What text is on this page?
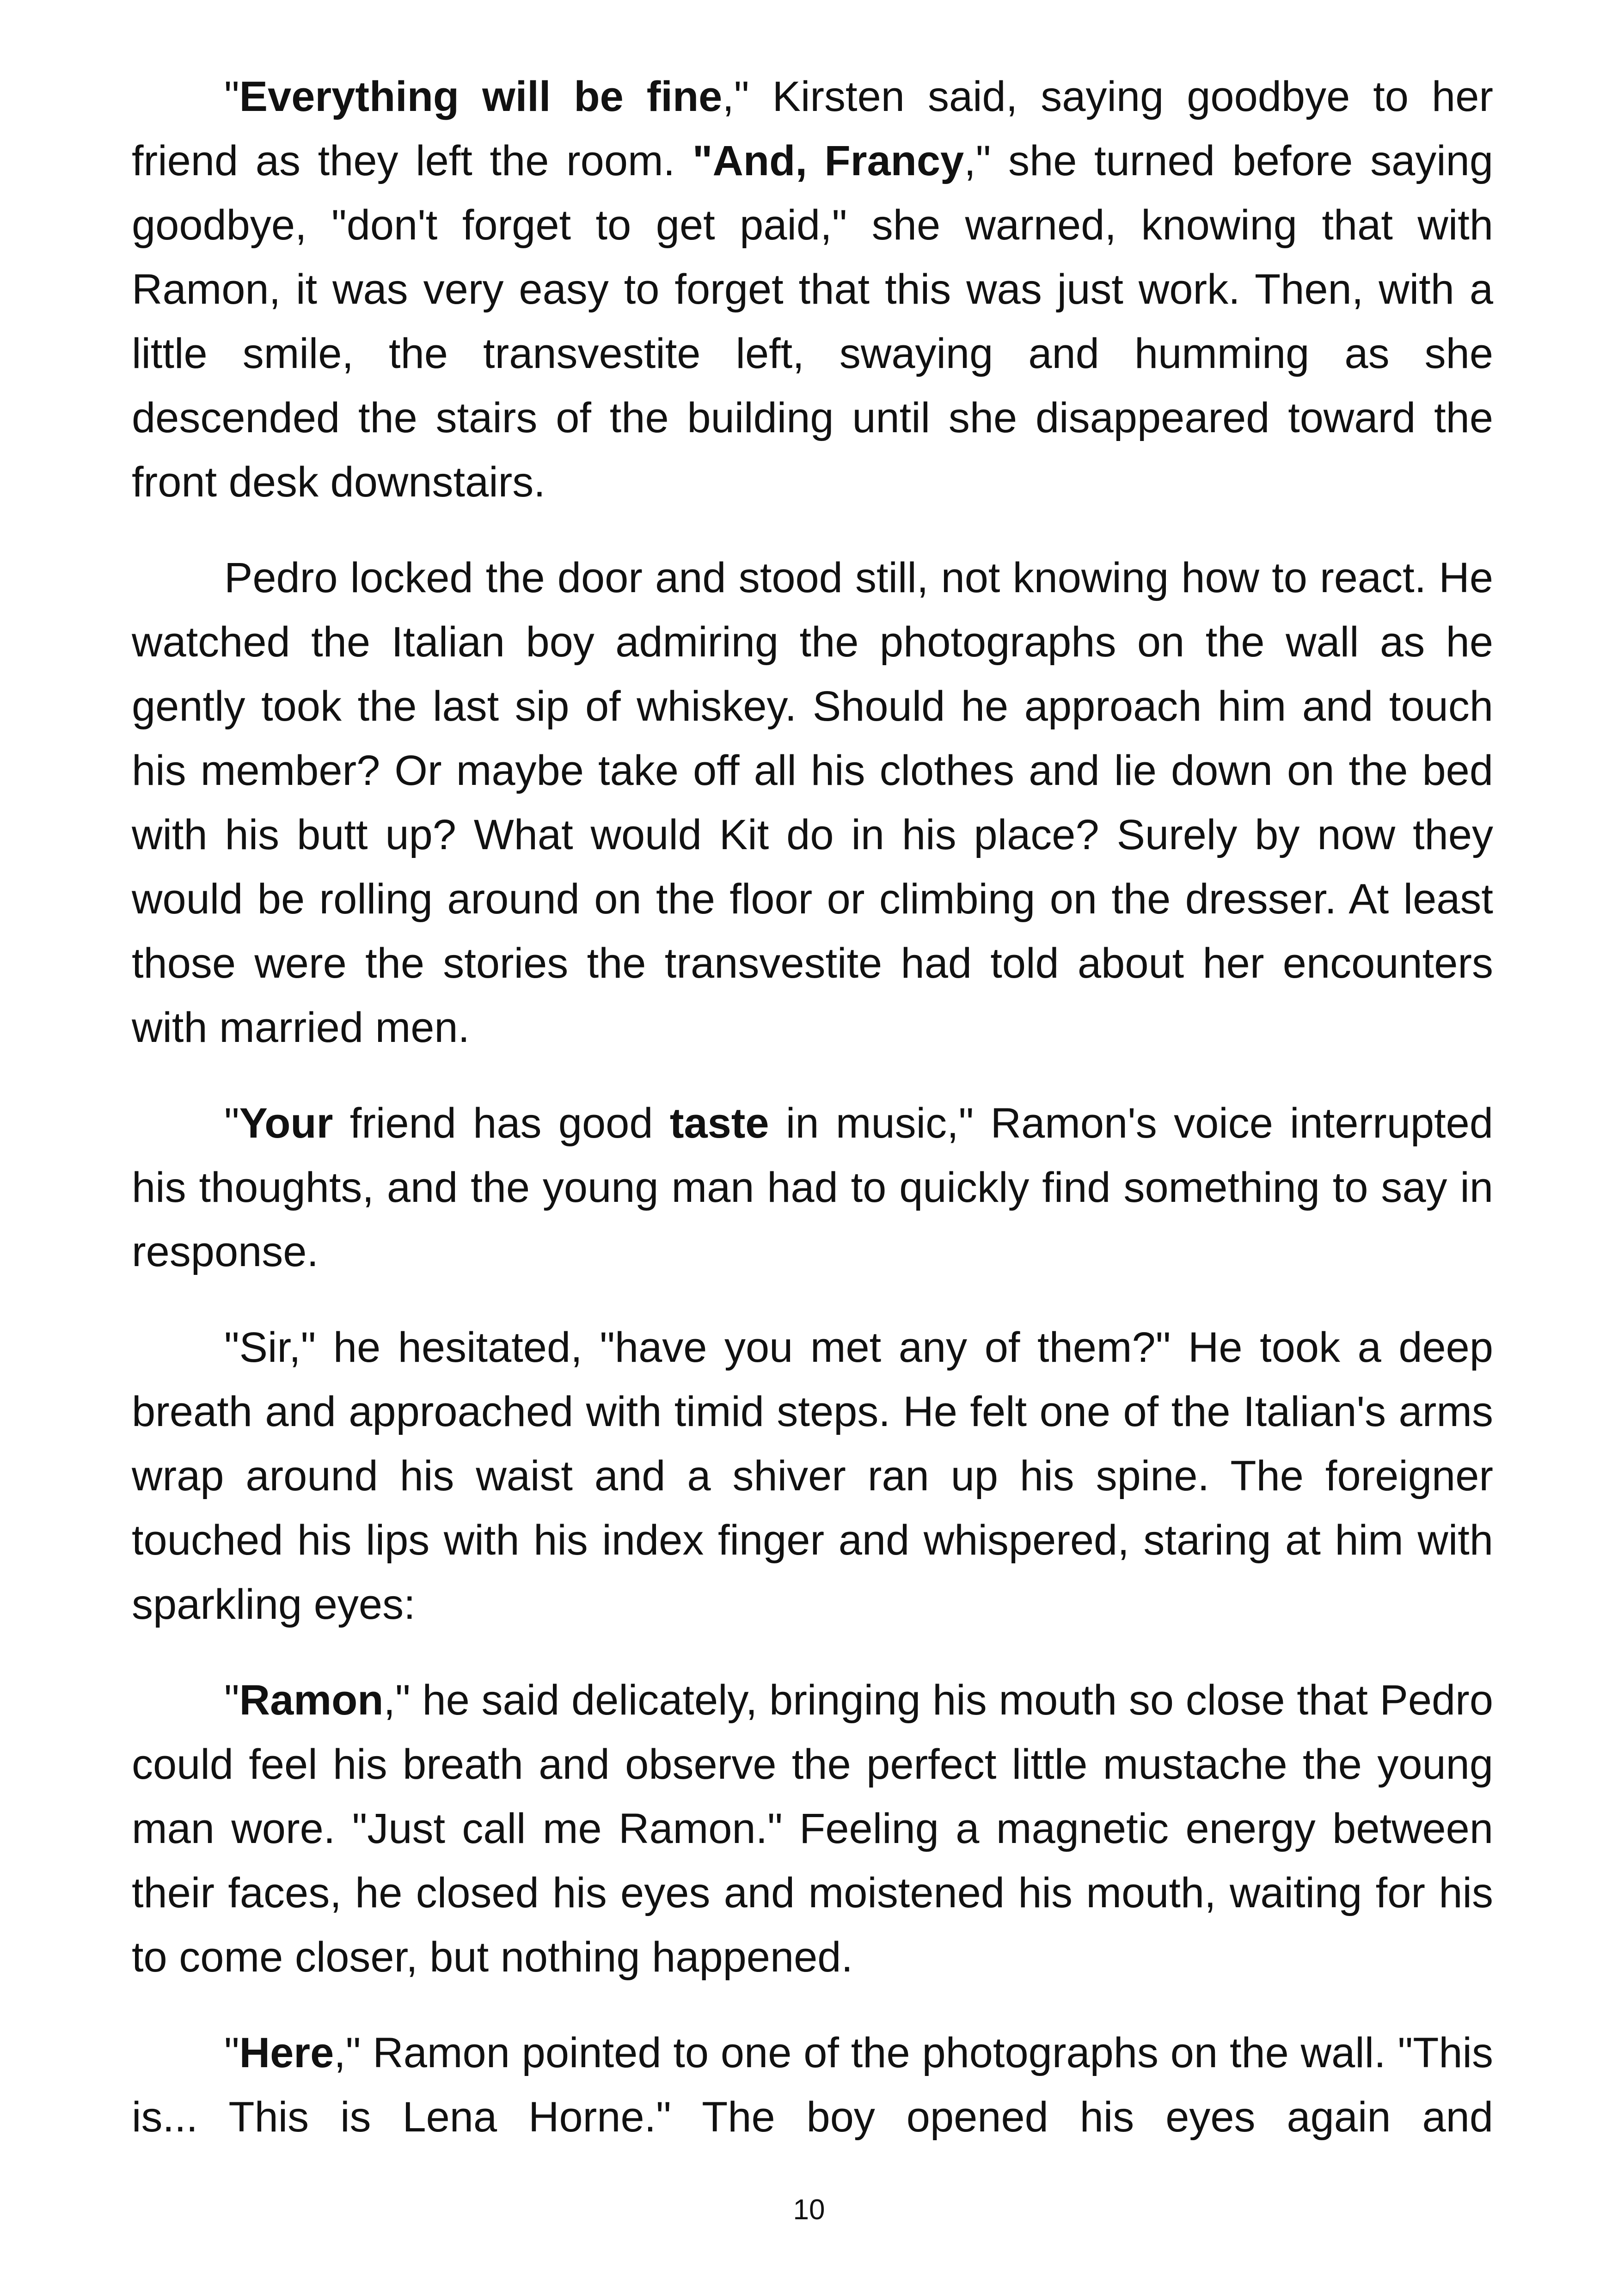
"Everything will be fine," Kirsten said, saying goodbye to her friend as they left the room. "And, Francy," she turned before saying goodbye, "don't forget to get paid," she warned, knowing that with Ramon, it was very easy to forget that this was just work. Then, with a little smile, the transvestite left, swaying and humming as she descended the stairs of the building until she disappeared toward the front desk downstairs.

Pedro locked the door and stood still, not knowing how to react. He watched the Italian boy admiring the photographs on the wall as he gently took the last sip of whiskey. Should he approach him and touch his member? Or maybe take off all his clothes and lie down on the bed with his butt up? What would Kit do in his place? Surely by now they would be rolling around on the floor or climbing on the dresser. At least those were the stories the transvestite had told about her encounters with married men.

"Your friend has good taste in music," Ramon's voice interrupted his thoughts, and the young man had to quickly find something to say in response.

"Sir," he hesitated, "have you met any of them?" He took a deep breath and approached with timid steps. He felt one of the Italian's arms wrap around his waist and a shiver ran up his spine. The foreigner touched his lips with his index finger and whispered, staring at him with sparkling eyes:

"Ramon," he said delicately, bringing his mouth so close that Pedro could feel his breath and observe the perfect little mustache the young man wore. "Just call me Ramon." Feeling a magnetic energy between their faces, he closed his eyes and moistened his mouth, waiting for his to come closer, but nothing happened.

"Here," Ramon pointed to one of the photographs on the wall. "This is... This is Lena Horne." The boy opened his eyes again and

10
